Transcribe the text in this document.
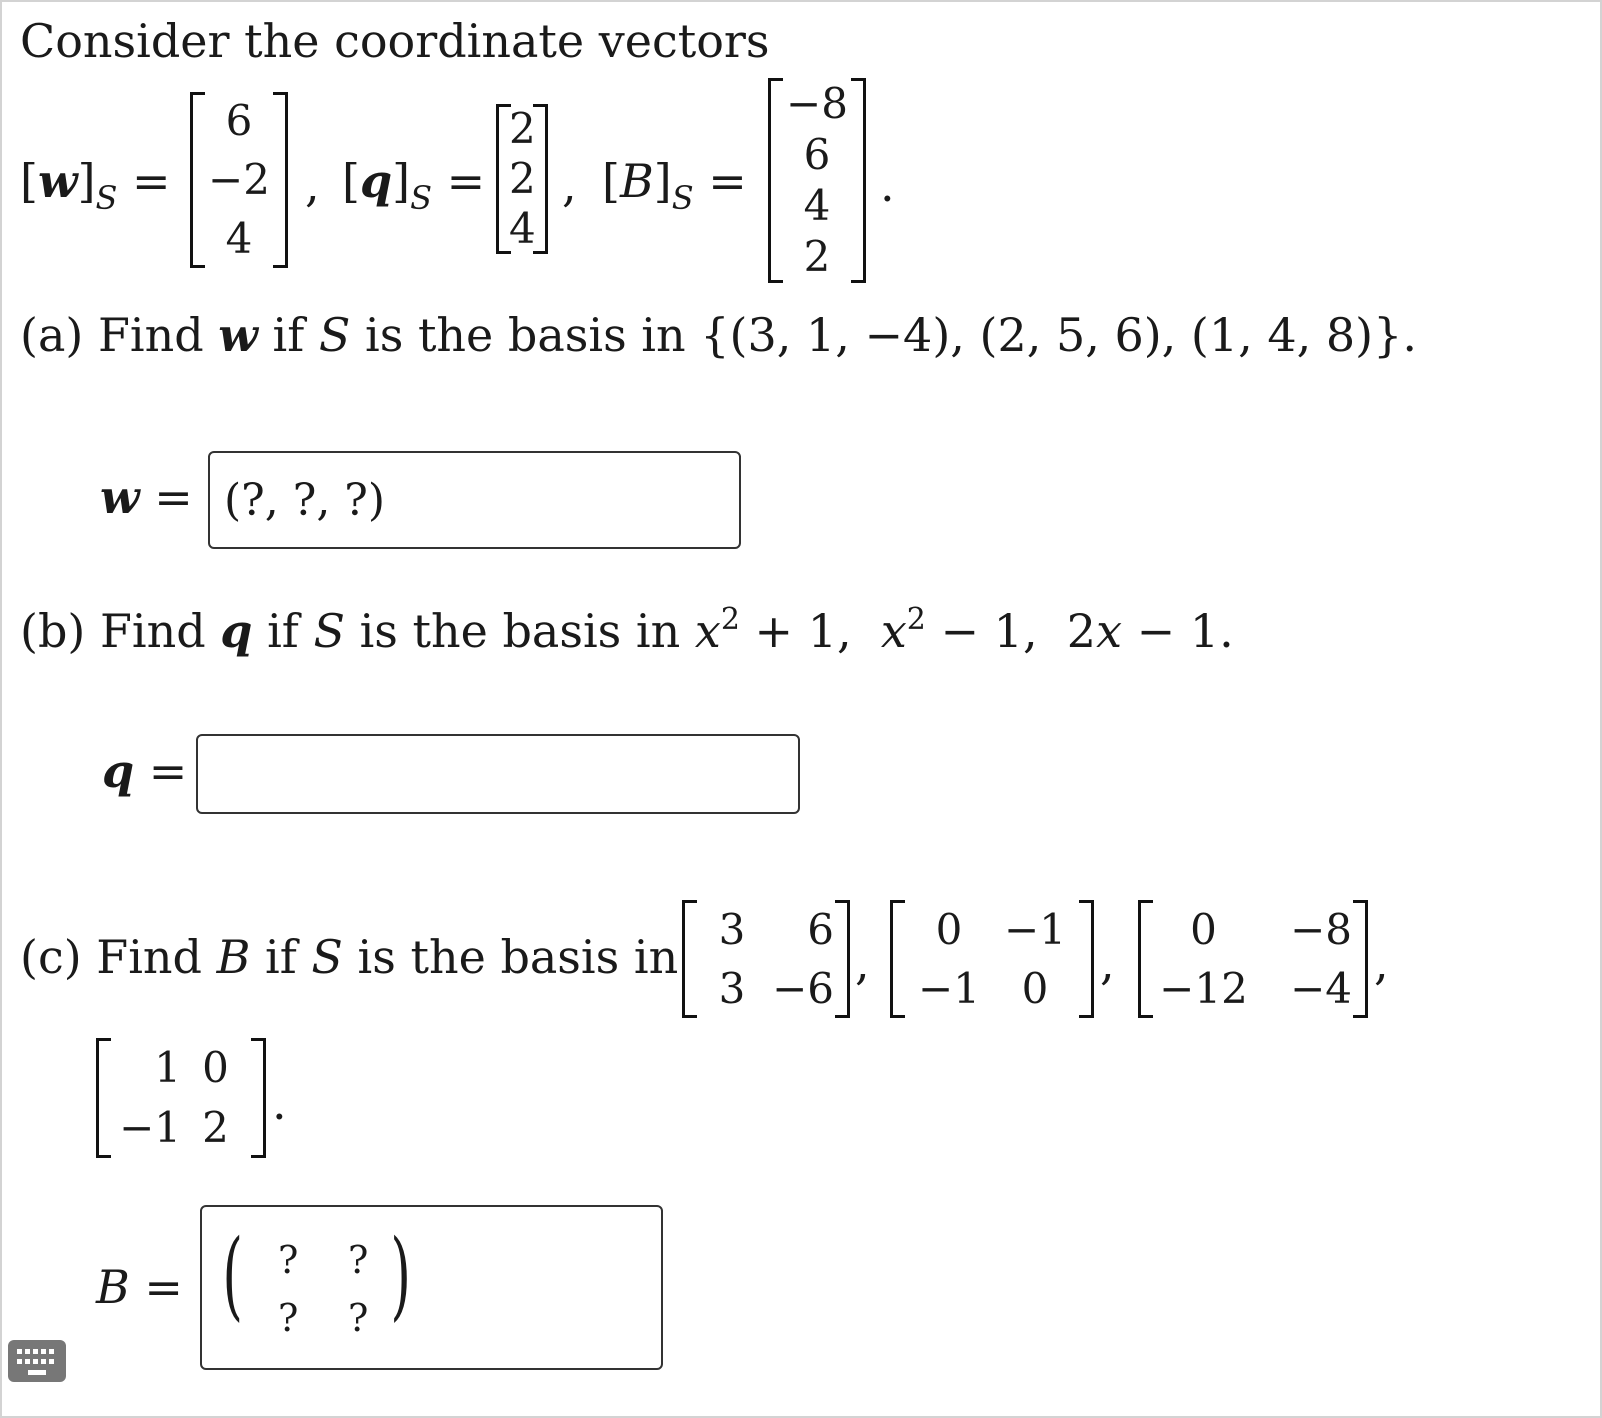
Consider the coordinate vectors
$[w]_S$ =
6
−2
4
, $[q]_S$ =
2
2
4
, $[B]_S$ =
−8
6
4
2
.
(a) Find w if S is the basis in {(3, 1, −4), (2, 5, 6), (1, 4, 8)}.
w = (?, ?, ?)
(b) Find q if S is the basis in $x^2 + 1$,  $x^2 - 1$,  2x − 1.
q =
(c) Find B if S is the basis in
3 6
3 −6 ,
0 −1
−1 0 ,
0 −8
−12 −4 ,
1 0
−1 2 .
B = ( ? ?
? ? )
